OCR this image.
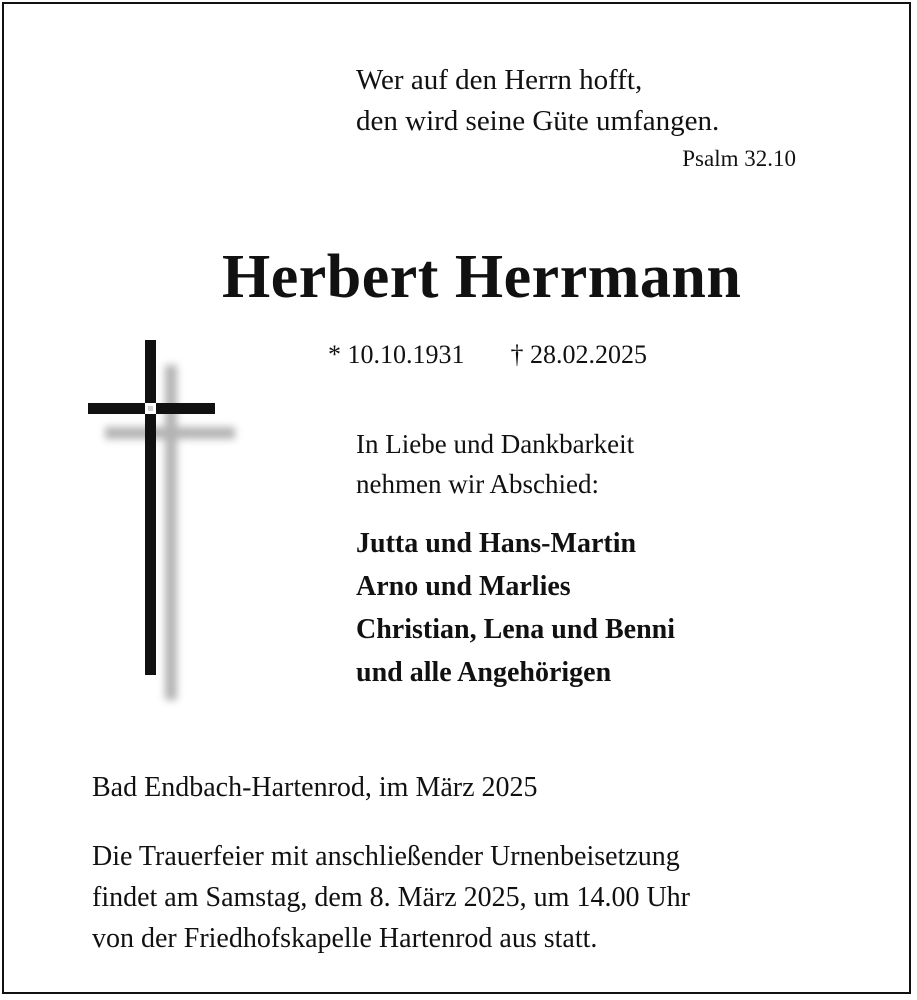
Wer auf den Herrn hofft,
den wird seine Güte umfangen.
Psalm 32.10
Herbert Herrmann
* 10.10.1931 † 28.02.2025
In Liebe und Dankbarkeit
nehmen wir Abschied:
Jutta und Hans-Martin
Arno und Marlies
Christian, Lena und Benni
und alle Angehörigen
Bad Endbach-Hartenrod, im März 2025
Die Trauerfeier mit anschließender Urnenbeisetzung
findet am Samstag, dem 8. März 2025, um 14.00 Uhr
von der Friedhofskapelle Hartenrod aus statt.
